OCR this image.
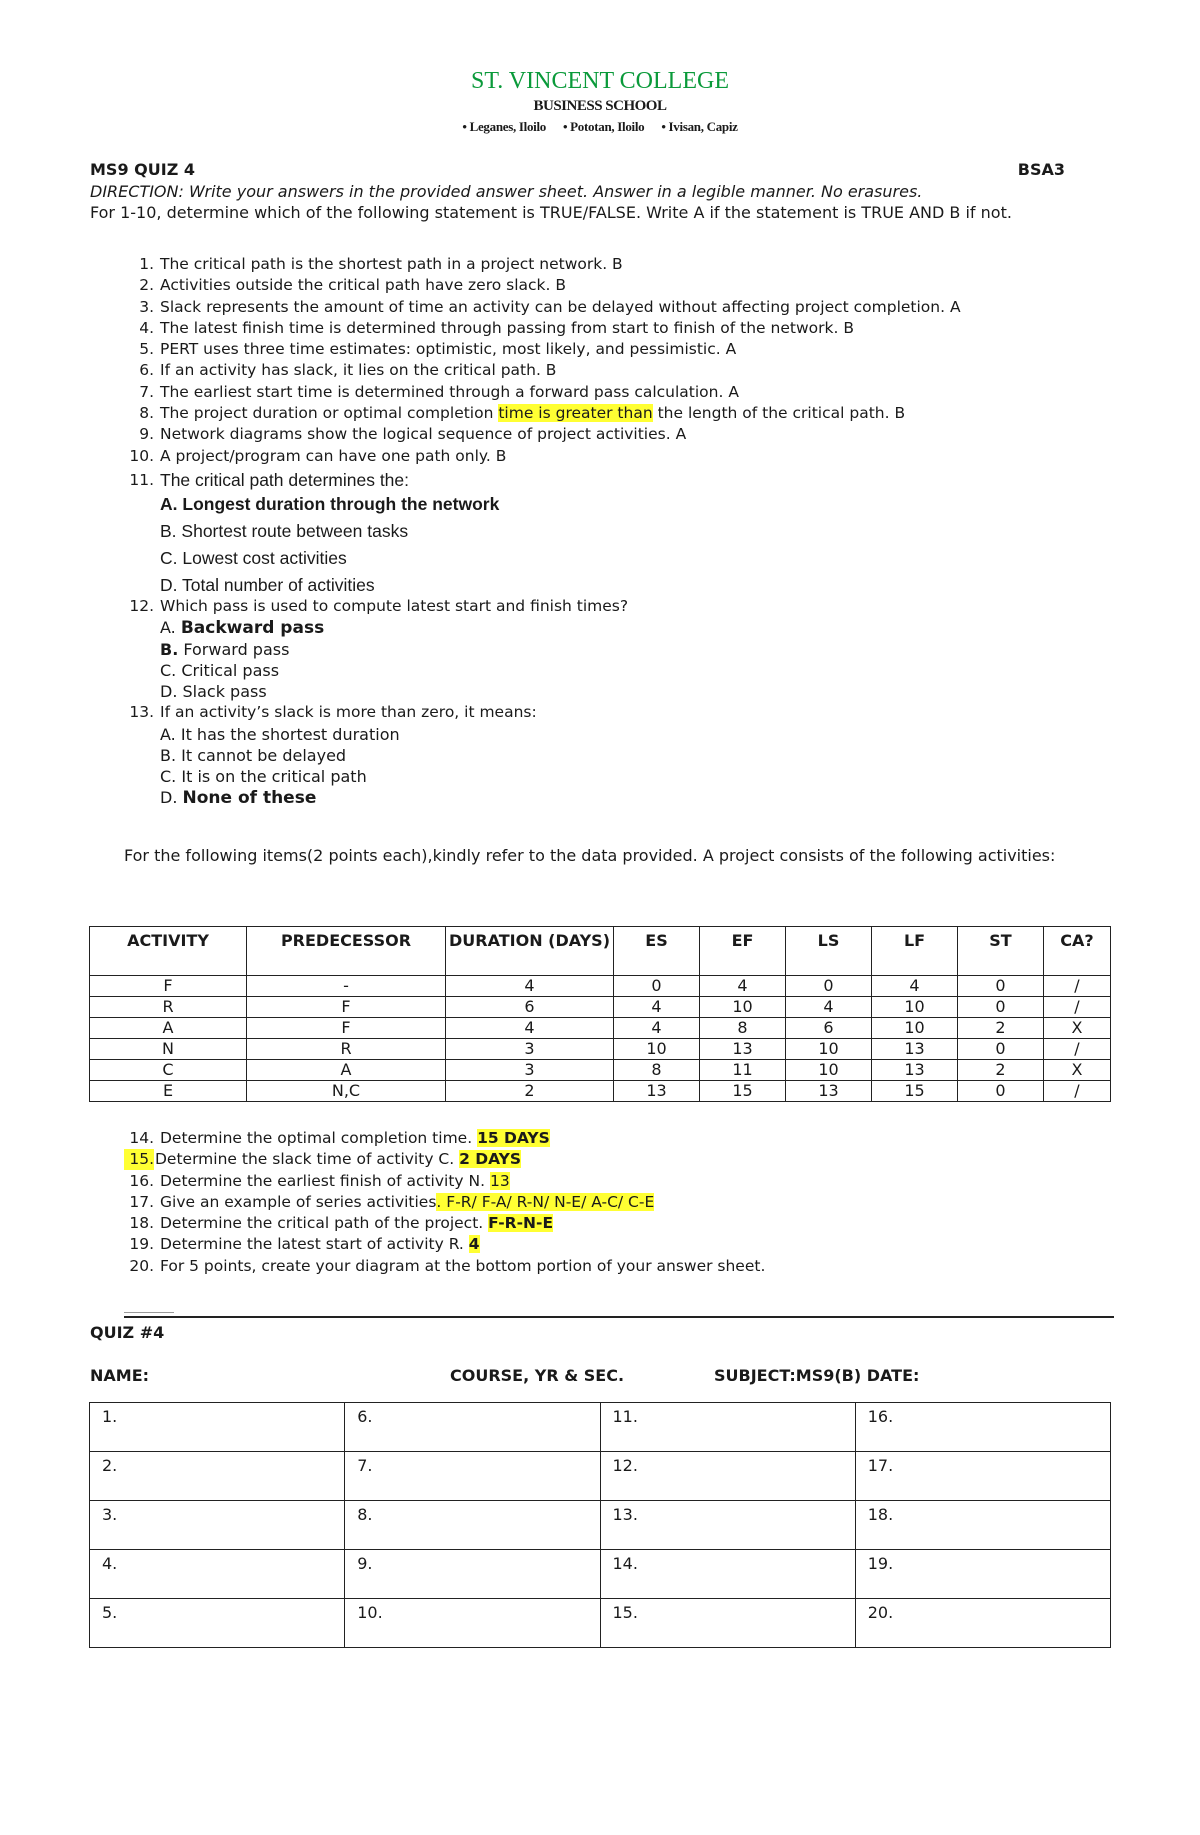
ST. VINCENT COLLEGE
BUSINESS SCHOOL
• Leganes, Iloilo • Pototan, Iloilo • Ivisan, Capiz
MS9 QUIZ 4	BSA3
DIRECTION: Write your answers in the provided answer sheet. Answer in a legible manner. No erasures.
For 1-10, determine which of the following statement is TRUE/FALSE. Write A if the statement is TRUE AND B if not.
1. The critical path is the shortest path in a project network. B
2. Activities outside the critical path have zero slack. B
3. Slack represents the amount of time an activity can be delayed without affecting project completion. A
4. The latest finish time is determined through passing from start to finish of the network. B
5. PERT uses three time estimates: optimistic, most likely, and pessimistic. A
6. If an activity has slack, it lies on the critical path. B
7. The earliest start time is determined through a forward pass calculation. A
8. The project duration or optimal completion time is greater than the length of the critical path. B
9. Network diagrams show the logical sequence of project activities. A
10. A project/program can have one path only. B
11. The critical path determines the:
A. Longest duration through the network
B. Shortest route between tasks
C. Lowest cost activities
D. Total number of activities
12. Which pass is used to compute latest start and finish times?
A. Backward pass
B. Forward pass
C. Critical pass
D. Slack pass
13. If an activity’s slack is more than zero, it means:
A. It has the shortest duration
B. It cannot be delayed
C. It is on the critical path
D. None of these
For the following items(2 points each),kindly refer to the data provided. A project consists of the following activities:
ACTIVITY	PREDECESSOR	DURATION (DAYS)	ES	EF	LS	LF	ST	CA?
F	-	4	0	4	0	4	0	/
R	F	6	4	10	4	10	0	/
A	F	4	4	8	6	10	2	X
N	R	3	10	13	10	13	0	/
C	A	3	8	11	10	13	2	X
E	N,C	2	13	15	13	15	0	/
14. Determine the optimal completion time. 15 DAYS
15. Determine the slack time of activity C. 2 DAYS
16. Determine the earliest finish of activity N. 13
17. Give an example of series activities. F-R/ F-A/ R-N/ N-E/ A-C/ C-E
18. Determine the critical path of the project. F-R-N-E
19. Determine the latest start of activity R. 4
20. For 5 points, create your diagram at the bottom portion of your answer sheet.
QUIZ #4
NAME:	COURSE, YR & SEC.	SUBJECT:MS9(B) DATE:
1.	6.	11.	16.
2.	7.	12.	17.
3.	8.	13.	18.
4.	9.	14.	19.
5.	10.	15.	20.
